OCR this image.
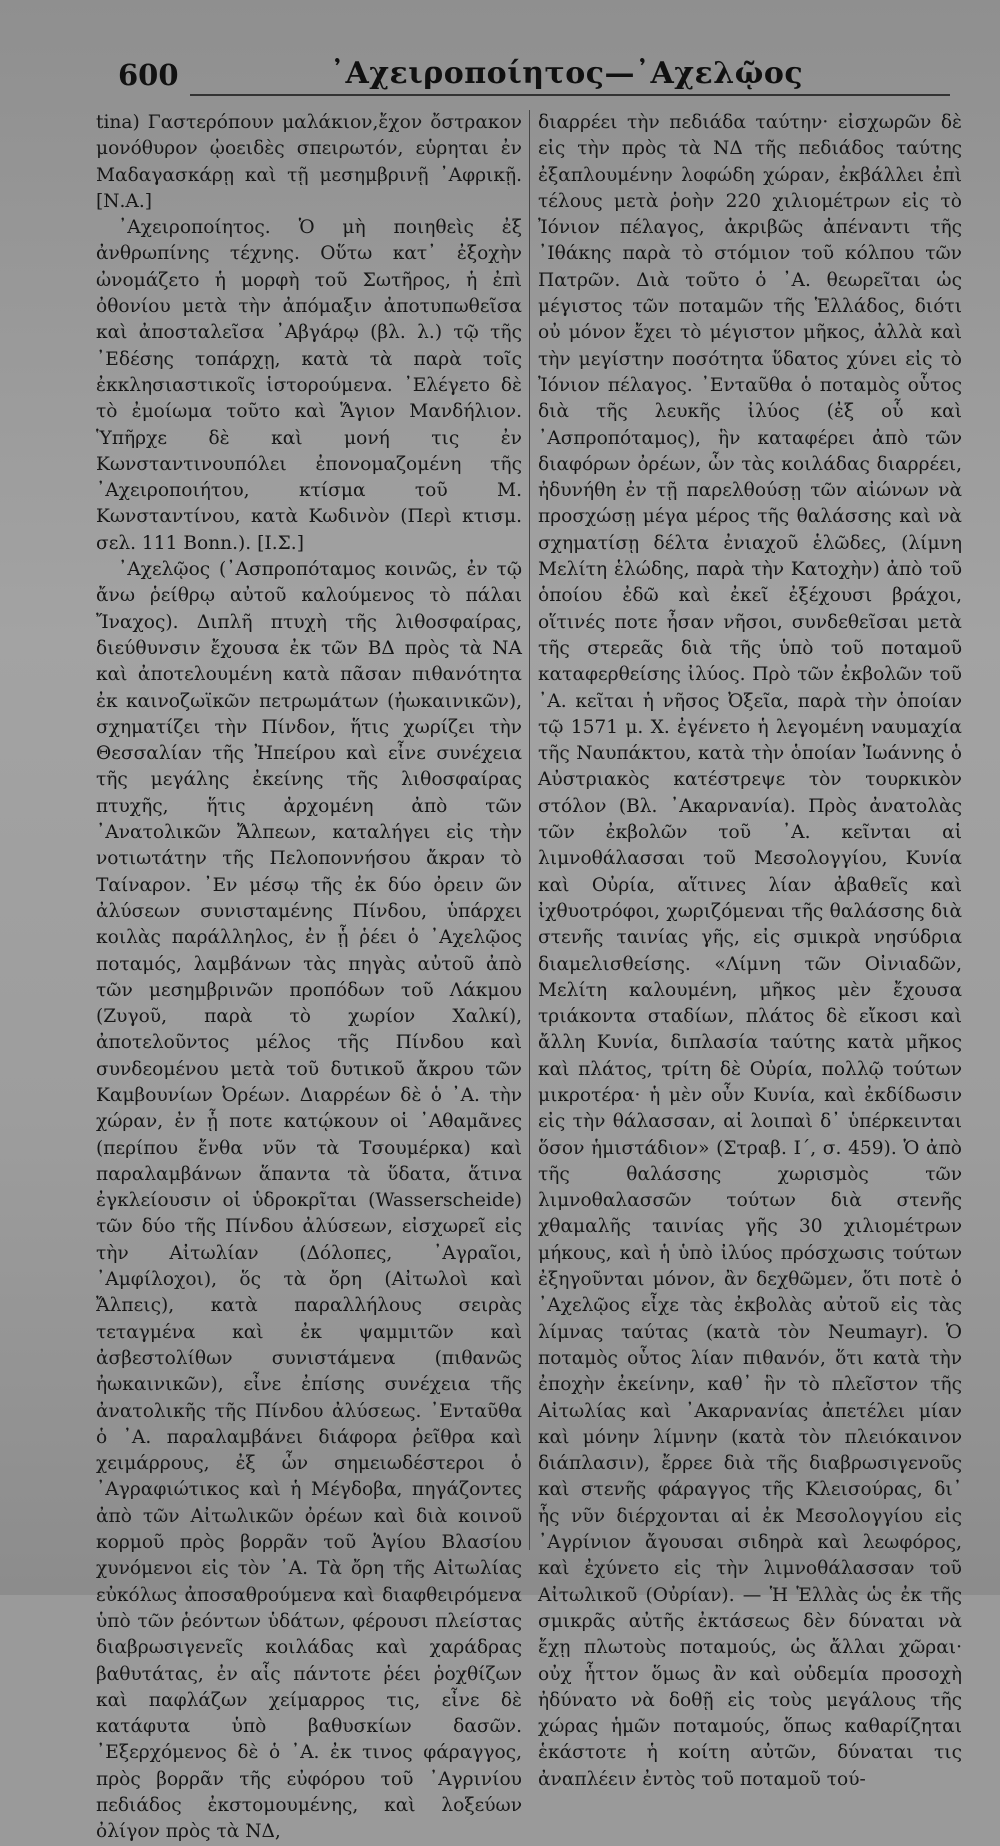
600	᾿Αχειροποίητος—᾿Αχελῷος

tina) Γαστερόπουν μαλάκιον,ἔχον ὄστρακον μονόθυρον ᾠοειδὲς σπειρωτόν, εὑρηται ἐν Μαδαγασκάρῃ καὶ τῇ μεσημβρινῇ ᾿Αφρικῇ. [Ν.Α.]

᾿Αχειροποίητος. Ὁ μὴ ποιηθεὶς ἐξ ἀνθρωπίνης τέχνης. Οὕτω κατ᾿ ἐξοχὴν ὠνομάζετο ἡ μορφὴ τοῦ Σωτῆρος, ἡ ἐπὶ ὀθονίου μετὰ τὴν ἀπόμαξιν ἀποτυπωθεῖσα καὶ ἀποσταλεῖσα ᾿Αβγάρῳ (βλ. λ.) τῷ τῆς ᾿Εδέσης τοπάρχῃ, κατὰ τὰ παρὰ τοῖς ἐκκλησιαστικοῖς ἱστορούμενα. ᾿Ελέγετο δὲ τὸ ἐμοίωμα τοῦτο καὶ Ἅγιον Μανδήλιον. Ὑπῆρχε δὲ καὶ μονή τις ἐν Κωνσταντινουπόλει ἐπονομαζομένη τῆς ᾿Αχειροποιήτου, κτίσμα τοῦ Μ. Κωνσταντίνου, κατὰ Κωδινὸν (Περὶ κτισμ. σελ. 111 Bonn.). [Ι.Σ.]

᾿Αχελῷος (᾿Ασπροπόταμος κοινῶς, ἐν τῷ ἄνω ῥείθρῳ αὐτοῦ καλούμενος τὸ πάλαι Ἴναχος). Διπλῆ πτυχὴ τῆς λιθοσφαίρας, διεύθυνσιν ἔχουσα ἐκ τῶν ΒΔ πρὸς τὰ ΝΑ καὶ ἀποτελουμένη κατὰ πᾶσαν πιθανότητα ἐκ καινοζωϊκῶν πετρωμάτων (ἠωκαινικῶν), σχηματίζει τὴν Πίνδον, ἥτις χωρίζει τὴν Θεσσαλίαν τῆς Ἠπείρου καὶ εἶνε συνέχεια τῆς μεγάλης ἐκείνης τῆς λιθοσφαίρας πτυχῆς, ἥτις ἀρχομένη ἀπὸ τῶν ᾿Ανατολικῶν Ἄλπεων, καταλήγει εἰς τὴν νοτιωτάτην τῆς Πελοποννήσου ἄκραν τὸ Ταίναρον. ᾿Εν μέσῳ τῆς ἐκ δύο ὀρειν ῶν ἀλύσεων συνισταμένης Πίνδου, ὑπάρχει κοιλὰς παράλληλος, ἐν ᾗ ῥέει ὁ ᾿Αχελῷος ποταμός, λαμβάνων τὰς πηγὰς αὐτοῦ ἀπὸ τῶν μεσημβρινῶν προπόδων τοῦ Λάκμου (Ζυγοῦ, παρὰ τὸ χωρίον Χαλκί), ἀποτελοῦντος μέλος τῆς Πίνδου καὶ συνδεομένου μετὰ τοῦ δυτικοῦ ἄκρου τῶν Καμβουνίων Ὀρέων. Διαρρέων δὲ ὁ ᾿Α. τὴν χώραν, ἐν ᾗ ποτε κατῴκουν οἱ ᾿Αθαμᾶνες (περίπου ἔνθα νῦν τὰ Τσουμέρκα) καὶ παραλαμβάνων ἅπαντα τὰ ὕδατα, ἅτινα ἐγκλείουσιν οἱ ὑδροκρῖται (Wasserscheide) τῶν δύο τῆς Πίνδου ἀλύσεων, εἰσχωρεῖ εἰς τὴν Αἰτωλίαν (Δόλοπες, ᾿Αγραῖοι, ᾿Αμφίλοχοι), ὅς τὰ ὄρη (Αἰτωλοὶ καὶ Ἄλπεις), κατὰ παραλλήλους σειρὰς τεταγμένα καὶ ἐκ ψαμμιτῶν καὶ ἀσβεστολίθων συνιστάμενα (πιθανῶς ἠωκαινικῶν), εἶνε ἐπίσης συνέχεια τῆς ἀνατολικῆς τῆς Πίνδου ἀλύσεως. ᾿Ενταῦθα ὁ ᾿Α. παραλαμβάνει διάφορα ῥεῖθρα καὶ χειμάρρους, ἐξ ὧν σημειωδέστεροι ὁ ᾿Αγραφιώτικος καὶ ἡ Μέγδοβα, πηγάζοντες ἀπὸ τῶν Αἰτωλικῶν ὀρέων καὶ διὰ κοινοῦ κορμοῦ πρὸς βορρᾶν τοῦ Ἁγίου Βλασίου χυνόμενοι εἰς τὸν ᾿Α. Τὰ ὄρη τῆς Αἰτωλίας εὐκόλως ἀποσαθρούμενα καὶ διαφθειρόμενα ὑπὸ τῶν ῥεόντων ὑδάτων, φέρουσι πλείστας διαβρωσιγενεῖς κοιλάδας καὶ χαράδρας βαθυτάτας, ἐν αἷς πάντοτε ῥέει ῥοχθίζων καὶ παφλάζων χείμαρρος τις, εἶνε δὲ κατάφυτα ὑπὸ βαθυσκίων δασῶν. ᾿Εξερχόμενος δὲ ὁ ᾿Α. ἐκ τινος φάραγγος, πρὸς βορρᾶν τῆς εὐφόρου τοῦ ᾿Αγρινίου πεδιάδος ἐκστομουμένης, καὶ λοξεύων ὀλίγον πρὸς τὰ ΝΔ,

διαρρέει τὴν πεδιάδα ταύτην· εἰσχωρῶν δὲ εἰς τὴν πρὸς τὰ ΝΔ τῆς πεδιάδος ταύτης ἐξαπλουμένην λοφώδη χώραν, ἐκβάλλει ἐπὶ τέλους μετὰ ῥοὴν 220 χιλιομέτρων εἰς τὸ Ἰόνιον πέλαγος, ἀκριβῶς ἀπέναντι τῆς ᾿Ιθάκης παρὰ τὸ στόμιον τοῦ κόλπου τῶν Πατρῶν. Διὰ τοῦτο ὁ ᾿Α. θεωρεῖται ὡς μέγιστος τῶν ποταμῶν τῆς Ἑλλάδος, διότι οὐ μόνον ἔχει τὸ μέγιστον μῆκος, ἀλλὰ καὶ τὴν μεγίστην ποσότητα ὕδατος χύνει εἰς τὸ Ἰόνιον πέλαγος. ᾿Ενταῦθα ὁ ποταμὸς οὗτος διὰ τῆς λευκῆς ἰλύος (ἐξ οὗ καὶ ᾿Ασπροπόταμος), ἣν καταφέρει ἀπὸ τῶν διαφόρων ὀρέων, ὧν τὰς κοιλάδας διαρρέει, ἠδυνήθη ἐν τῇ παρελθούσῃ τῶν αἰώνων νὰ προσχώσῃ μέγα μέρος τῆς θαλάσσης καὶ νὰ σχηματίσῃ δέλτα ἐνιαχοῦ ἑλῶδες, (λίμνη Μελίτη ἑλώδης, παρὰ τὴν Κατοχὴν) ἀπὸ τοῦ ὁποίου ἐδῶ καὶ ἐκεῖ ἐξέχουσι βράχοι, οἵτινές ποτε ἦσαν νῆσοι, συνδεθεῖσαι μετὰ τῆς στερεᾶς διὰ τῆς ὑπὸ τοῦ ποταμοῦ καταφερθείσης ἰλύος. Πρὸ τῶν ἐκβολῶν τοῦ ᾿Α. κεῖται ἡ νῆσος Ὀξεῖα, παρὰ τὴν ὁποίαν τῷ 1571 μ. Χ. ἐγένετο ἡ λεγομένη ναυμαχία τῆς Ναυπάκτου, κατὰ τὴν ὁποίαν Ἰωάννης ὁ Αὐστριακὸς κατέστρεψε τὸν τουρκικὸν στόλον (Βλ. ᾿Ακαρνανία). Πρὸς ἀνατολὰς τῶν ἐκβολῶν τοῦ ᾿Α. κεῖνται αἱ λιμνοθάλασσαι τοῦ Μεσολογγίου, Κυνία καὶ Οὐρία, αἵτινες λίαν ἀβαθεῖς καὶ ἰχθυοτρόφοι, χωριζόμεναι τῆς θαλάσσης διὰ στενῆς ταινίας γῆς, εἰς σμικρὰ νησύδρια διαμελισθείσης. «Λίμνη τῶν Οἰνιαδῶν, Μελίτη καλουμένη, μῆκος μὲν ἔχουσα τριάκοντα σταδίων, πλάτος δὲ εἴκοσι καὶ ἄλλη Κυνία, διπλασία ταύτης κατὰ μῆκος καὶ πλάτος, τρίτη δὲ Οὐρία, πολλῷ τούτων μικροτέρα· ἡ μὲν οὖν Κυνία, καὶ ἐκδίδωσιν εἰς τὴν θάλασσαν, αἱ λοιπαὶ δ᾿ ὑπέρκεινται ὅσον ἡμιστάδιον» (Στραβ. Ι΄, σ. 459). Ὁ ἀπὸ τῆς θαλάσσης χωρισμὸς τῶν λιμνοθαλασσῶν τούτων διὰ στενῆς χθαμαλῆς ταινίας γῆς 30 χιλιομέτρων μήκους, καὶ ἡ ὑπὸ ἰλύος πρόσχωσις τούτων ἐξηγοῦνται μόνον, ἂν δεχθῶμεν, ὅτι ποτὲ ὁ ᾿Αχελῷος εἶχε τὰς ἐκβολὰς αὐτοῦ εἰς τὰς λίμνας ταύτας (κατὰ τὸν Neumayr). Ὁ ποταμὸς οὗτος λίαν πιθανόν, ὅτι κατὰ τὴν ἐποχὴν ἐκείνην, καθ᾿ ἣν τὸ πλεῖστον τῆς Αἰτωλίας καὶ ᾿Ακαρνανίας ἀπετέλει μίαν καὶ μόνην λίμνην (κατὰ τὸν πλειόκαινον διάπλασιν), ἔρρεε διὰ τῆς διαβρωσιγενοῦς καὶ στενῆς φάραγγος τῆς Κλεισούρας, δι᾿ ἧς νῦν διέρχονται αἱ ἐκ Μεσολογγίου εἰς ᾿Αγρίνιον ἄγουσαι σιδηρὰ καὶ λεωφόρος, καὶ ἐχύνετο εἰς τὴν λιμνοθάλασσαν τοῦ Αἰτωλικοῦ (Οὐρίαν). — Ἡ Ἑλλὰς ὡς ἐκ τῆς σμικρᾶς αὐτῆς ἐκτάσεως δὲν δύναται νὰ ἔχῃ πλωτοὺς ποταμούς, ὡς ἄλλαι χῶραι· οὐχ ἧττον ὅμως ἂν καὶ οὐδεμία προσοχὴ ἠδύνατο νὰ δοθῇ εἰς τοὺς μεγάλους τῆς χώρας ἡμῶν ποταμούς, ὅπως καθαρίζηται ἑκάστοτε ἡ κοίτη αὐτῶν, δύναται τις ἀναπλέειν ἐντὸς τοῦ ποταμοῦ τού-
